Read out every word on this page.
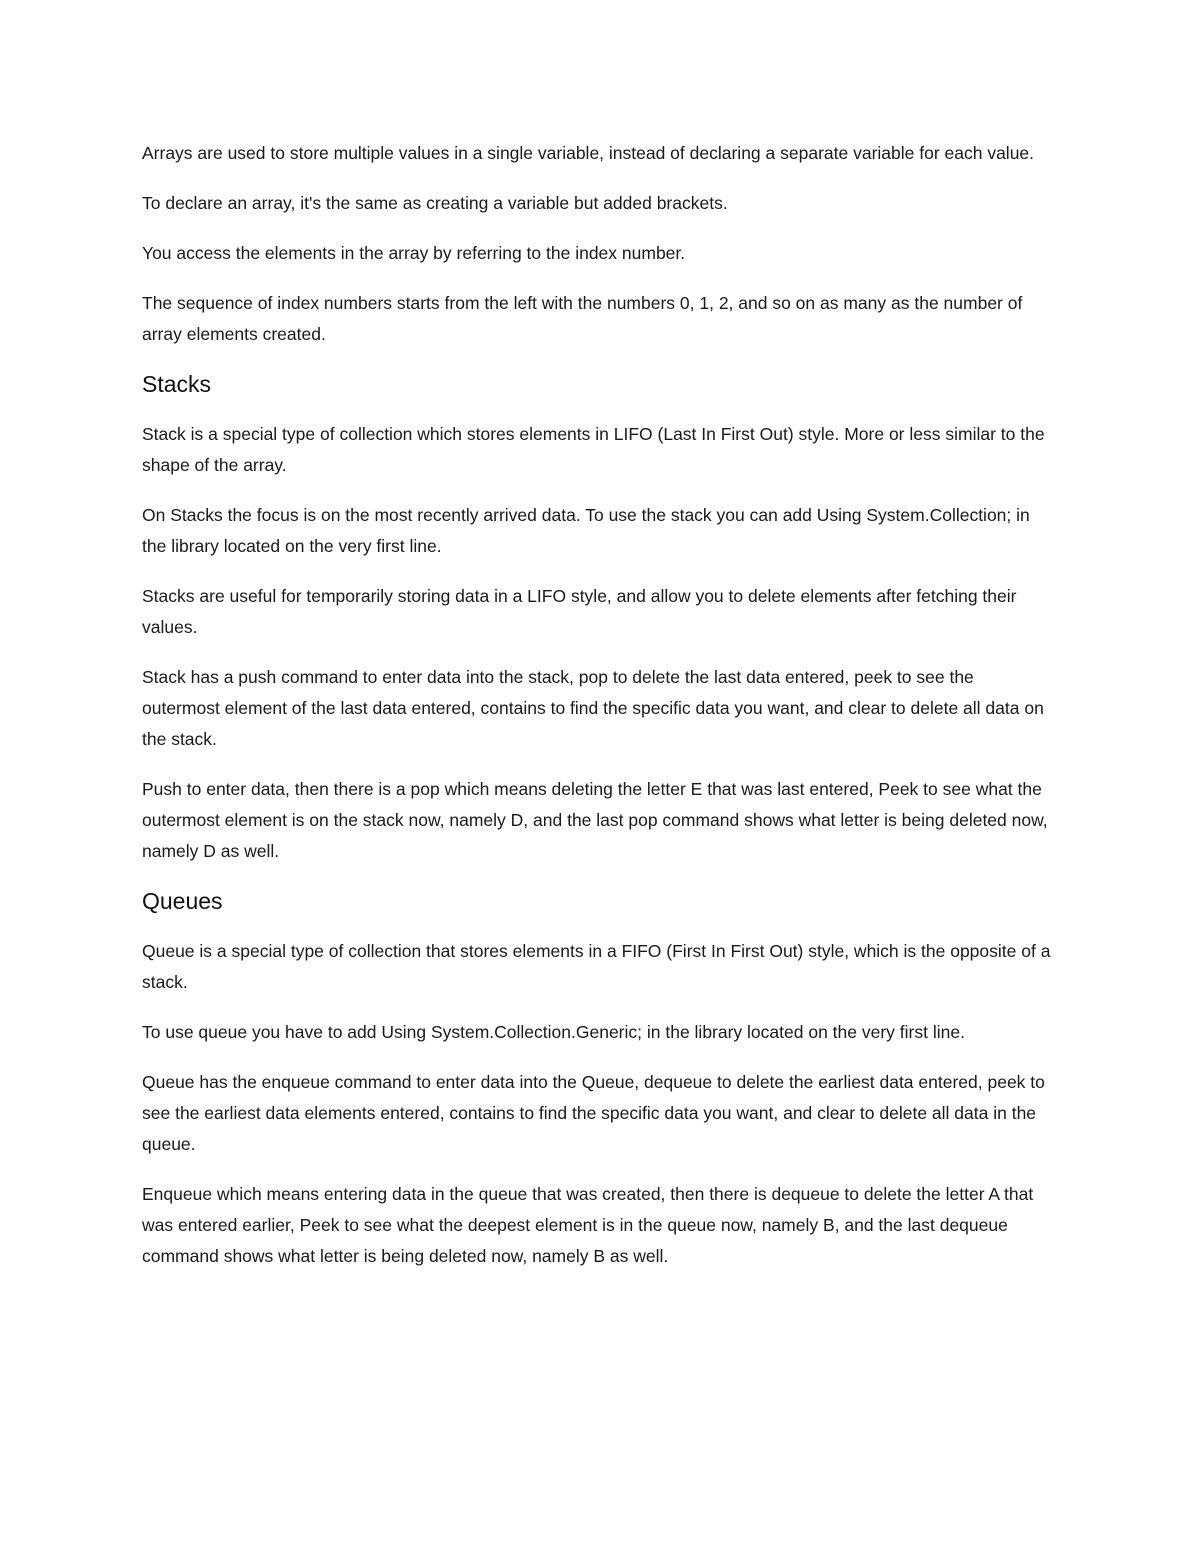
Arrays are used to store multiple values in a single variable, instead of declaring a separate variable for each value.

To declare an array, it's the same as creating a variable but added brackets.

You access the elements in the array by referring to the index number.

The sequence of index numbers starts from the left with the numbers 0, 1, 2, and so on as many as the number of array elements created.

Stacks

Stack is a special type of collection which stores elements in LIFO (Last In First Out) style. More or less similar to the shape of the array.

On Stacks the focus is on the most recently arrived data. To use the stack you can add Using System.Collection; in the library located on the very first line.

Stacks are useful for temporarily storing data in a LIFO style, and allow you to delete elements after fetching their values.

Stack has a push command to enter data into the stack, pop to delete the last data entered, peek to see the outermost element of the last data entered, contains to find the specific data you want, and clear to delete all data on the stack.

Push to enter data, then there is a pop which means deleting the letter E that was last entered, Peek to see what the outermost element is on the stack now, namely D, and the last pop command shows what letter is being deleted now, namely D as well.

Queues

Queue is a special type of collection that stores elements in a FIFO (First In First Out) style, which is the opposite of a stack.

To use queue you have to add Using System.Collection.Generic; in the library located on the very first line.

Queue has the enqueue command to enter data into the Queue, dequeue to delete the earliest data entered, peek to see the earliest data elements entered, contains to find the specific data you want, and clear to delete all data in the queue.

Enqueue which means entering data in the queue that was created, then there is dequeue to delete the letter A that was entered earlier, Peek to see what the deepest element is in the queue now, namely B, and the last dequeue command shows what letter is being deleted now, namely B as well.
